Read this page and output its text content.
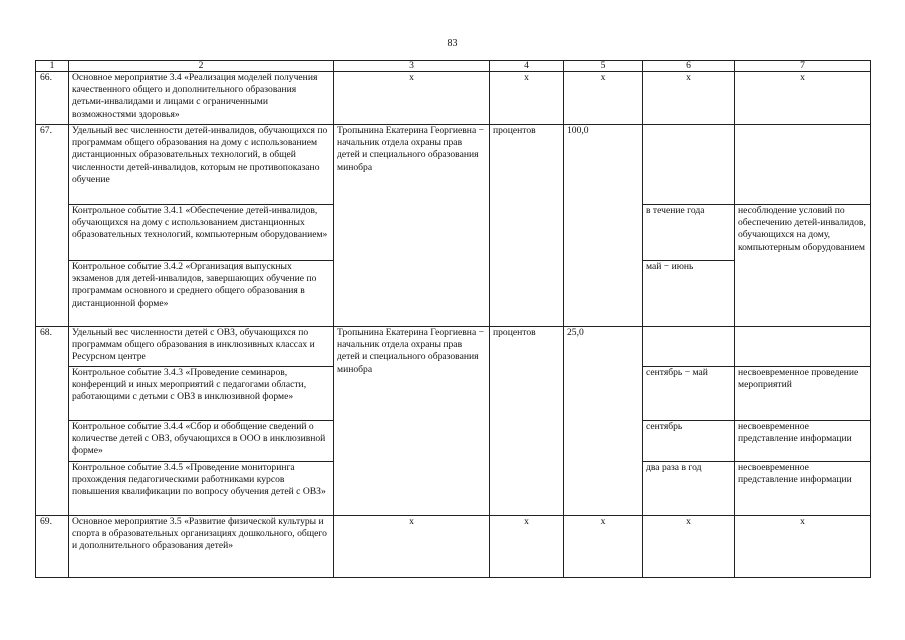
83
1	2	3	4	5	6	7
66.	Основное мероприятие 3.4 «Реализация моделей получения качественного общего и дополнительного образования детьми-инвалидами и лицами с ограниченными возможностями здоровья»	х	х	х	х	х
67.	Удельный вес численности детей-инвалидов, обучающихся по программам общего образования на дому с использованием дистанционных образовательных технологий, в общей численности детей-инвалидов, которым не противопоказано обучение	Тропынина Екатерина Георгиевна − начальник отдела охраны прав детей и специального образования минобра	процентов	100,0		
	Контрольное событие 3.4.1 «Обеспечение детей-инвалидов, обучающихся на дому с использованием дистанционных образовательных технологий, компьютерным оборудованием»				в течение года	несоблюдение условий по обеспечению детей-инвалидов, обучающихся на дому, компьютерным оборудованием
	Контрольное событие 3.4.2 «Организация выпускных экзаменов для детей-инвалидов, завершающих обучение по программам основного и среднего общего образования в дистанционной форме»				май − июнь	
68.	Удельный вес численности детей с ОВЗ, обучающихся по программам общего образования в инклюзивных классах и Ресурсном центре	Тропынина Екатерина Георгиевна − начальник отдела охраны прав детей и специального образования минобра	процентов	25,0		
	Контрольное событие 3.4.3 «Проведение семинаров, конференций и иных мероприятий с педагогами области, работающими с детьми с ОВЗ в инклюзивной форме»				сентябрь − май	несвоевременное проведение мероприятий
	Контрольное событие 3.4.4 «Сбор и обобщение сведений о количестве детей с ОВЗ, обучающихся в ООО в инклюзивной форме»				сентябрь	несвоевременное представление информации
	Контрольное событие 3.4.5 «Проведение мониторинга прохождения педагогическими работниками курсов повышения квалификации по вопросу обучения детей с ОВЗ»				два раза в год	несвоевременное представление информации
69.	Основное мероприятие 3.5 «Развитие физической культуры и спорта в образовательных организациях дошкольного, общего и дополнительного образования детей»	х	х	х	х	х
